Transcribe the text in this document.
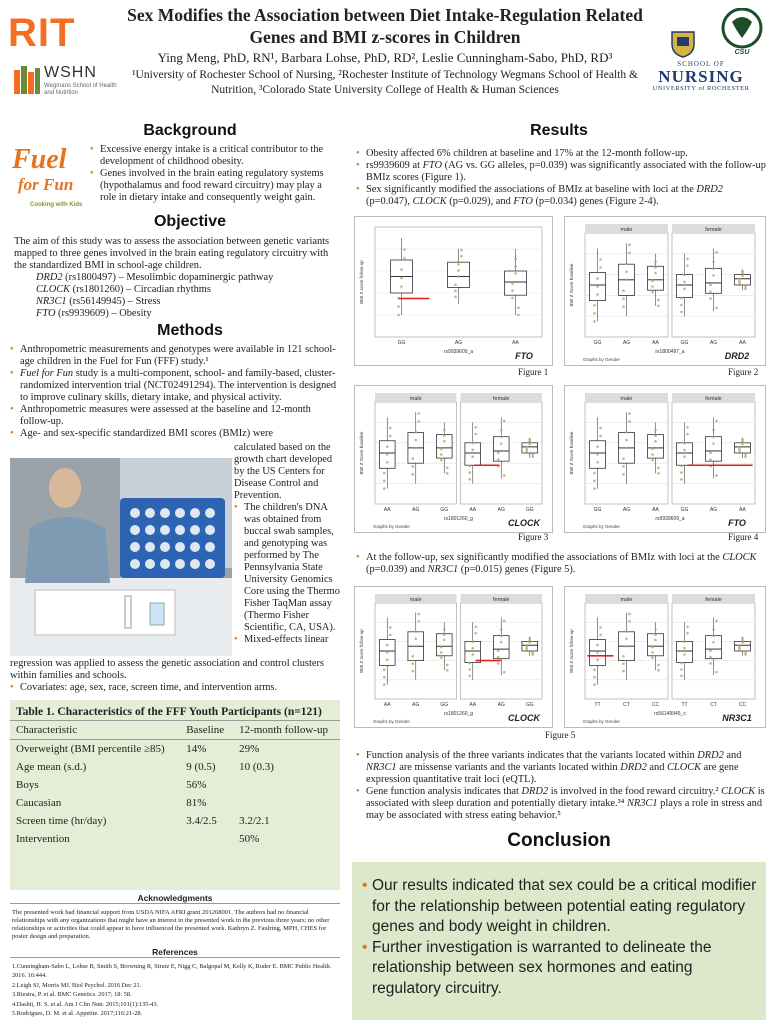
RIT
WSHN
Wegmans School of Health and Nutrition
Sex Modifies the Association between Diet Intake-Regulation Related Genes and BMI z-scores in Children
Ying Meng, PhD, RN¹, Barbara Lohse, PhD, RD², Leslie Cunningham-Sabo, PhD, RD³
¹University of Rochester School of Nursing, ²Rochester Institute of Technology Wegmans School of Health & Nutrition, ³Colorado State University College of Health & Human Sciences
CSU
SCHOOL OF
NURSING
UNIVERSITY of ROCHESTER
Fuel
for Fun
Cooking with Kids
Background
• Excessive energy intake is a critical contributor to the development of childhood obesity.
• Genes involved in the brain eating regulatory systems (hypothalamus and food reward circuitry) may play a role in dietary intake and consequently weight gain.
Objective
The aim of this study was to assess the association between genetic variants mapped to three genes involved in the brain eating regulatory circuitry with the standardized BMI in school-age children.
DRD2 (rs1800497) – Mesolimbic dopaminergic pathway
CLOCK (rs1801260) – Circadian rhythms
NR3C1 (rs56149945) – Stress
FTO (rs9939609) – Obesity
Methods
• Anthropometric measurements and genotypes were available in 121 school-age children in the Fuel for Fun (FFF) study.¹
• Fuel for Fun study is a multi-component, school- and family-based, cluster-randomized intervention trial (NCT02491294). The intervention is designed to improve culinary skills, dietary intake, and physical activity.
• Anthropometric measures were assessed at the baseline and 12-month follow-up.
• Age- and sex-specific standardized BMI scores (BMIz) were
calculated based on the growth chart developed by the US Centers for Disease Control and Prevention.
• The children's DNA was obtained from buccal swab samples, and genotyping was performed by The Pennsylvania State University Genomics Core using the Thermo Fisher TaqMan assay (Thermo Fisher Scientific, CA, USA).
• Mixed-effects linear
regression was applied to assess the genetic association and control clusters within families and schools.
• Covariates: age, sex, race, screen time, and intervention arms.
Table 1. Characteristics of the FFF Youth Participants (n=121)
Characteristic	Baseline	12-month follow-up
Overweight (BMI percentile ≥85)	14%	29%
Age mean (s.d.)	9 (0.5)	10 (0.3)
Boys	56%	
Caucasian	81%	
Screen time (hr/day)	3.4/2.5	3.2/2.1
Intervention		50%
Acknowledgments
The presented work had financial support from USDA NIFA AFRI grant 201268001. The authors had no financial relationships with any organizations that might have an interest in the presented work in the previous three years; no other relationships or activities that could appear to have influenced the presented work. Kathryn Z. Faulring, MPH, CHES for poster design and preparation.
References
1.Cunningham-Sabo L, Lohse B, Smith S, Browning R, Strutz E, Nigg C, Balgopal M, Kelly K, Ruder E. BMC Public Health. 2016. 16:444.
2.Leigh SJ, Morris MJ. Biol Psychol. 2016 Dec 21.
3.Riestra, P. et al. BMC Genetics. 2017; 18: 58.
4.Dashti, H. S. et al. Am J Clin Nutr. 2015;101(1):135-43.
5.Rodrigues, D. M. et al. Appetite. 2017;116:21-28.
Results
• Obesity affected 6% children at baseline and 17% at the 12-month follow-up.
• rs9939609 at FTO (AG vs. GG alleles, p=0.039) was significantly associated with the follow-up BMIz scores (Figure 1).
• Sex significantly modified the associations of BMIz at baseline with loci at the DRD2 (p=0.047), CLOCK (p=0.029), and FTO (p=0.034) genes (Figure 2-4).
GG	AG	AA
BMI Z score follow-up
rs9939609_a	FTO
Figure 1
male
GG	AG	AA
female
GG	AG	AA
BMI Z Score baseline
rs1800497_a
Graphs by Gender	DRD2
Figure 2
male
AA	AG	GG
female
AA	AG	GG
BMI Z Score baseline
rs1801260_g
Graphs by Gender	CLOCK
Figure 3
male
GG	AG	AA
female
GG	AG	AA
BMI Z Score baseline
rs9939609_a
Graphs by Gender	FTO
Figure 4
• At the follow-up, sex significantly modified the associations of BMIz with loci at the CLOCK (p=0.039) and NR3C1 (p=0.015) genes (Figure 5).
male
AA	AG	GG
female
AA	AG	GG
BMI Z score follow-up
rs1801260_g
Graphs by Gender	CLOCK
male
TT	CT	CC
female
TT	CT	CC
BMI Z score follow-up
rs56149945_c
Graphs by Gender	NR3C1
Figure 5
• Function analysis of the three variants indicates that the variants located within DRD2 and NR3C1 are missense variants and the variants located within DRD2 and CLOCK are gene expression quantitative trait loci (eQTL).
• Gene function analysis indicates that DRD2 is involved in the food reward circuitry.² CLOCK is associated with sleep duration and potentially dietary intake.³⁴ NR3C1 plays a role in stress and may be associated with stress eating behavior.⁵
Conclusion
• Our results indicated that sex could be a critical modifier for the relationship between potential eating regulatory genes and body weight in children.
• Further investigation is warranted to delineate the relationship between sex hormones and eating regulatory circuitry.
